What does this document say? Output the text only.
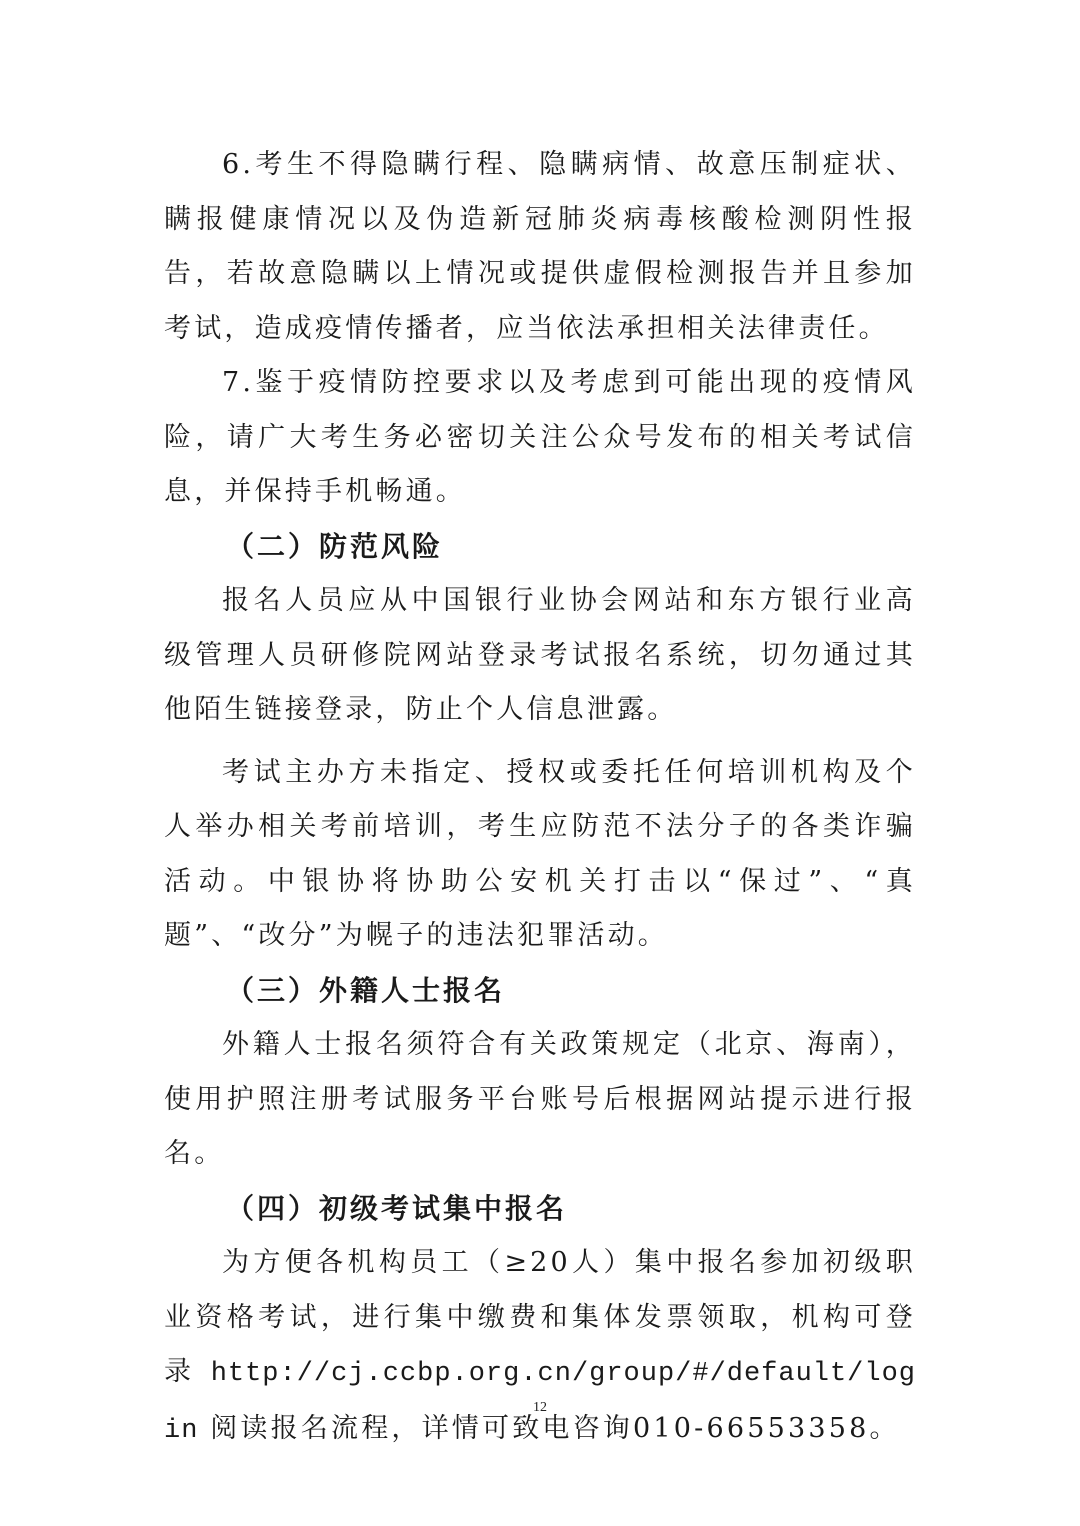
6.考生不得隐瞒行程、隐瞒病情、故意压制症状、瞒报健康情况以及伪造新冠肺炎病毒核酸检测阴性报告，若故意隐瞒以上情况或提供虚假检测报告并且参加考试，造成疫情传播者，应当依法承担相关法律责任。

7.鉴于疫情防控要求以及考虑到可能出现的疫情风险，请广大考生务必密切关注公众号发布的相关考试信息，并保持手机畅通。

（二）防范风险

报名人员应从中国银行业协会网站和东方银行业高级管理人员研修院网站登录考试报名系统，切勿通过其他陌生链接登录，防止个人信息泄露。

考试主办方未指定、授权或委托任何培训机构及个人举办相关考前培训，考生应防范不法分子的各类诈骗活动。中银协将协助公安机关打击以“保过”、“真题”、“改分”为幌子的违法犯罪活动。

（三）外籍人士报名

外籍人士报名须符合有关政策规定（北京、海南），使用护照注册考试服务平台账号后根据网站提示进行报名。

（四）初级考试集中报名

为方便各机构员工（≥20人）集中报名参加初级职业资格考试，进行集中缴费和集体发票领取，机构可登录http://cj.ccbp.org.cn/group/#/default/login 阅读报名流程，详情可致电咨询010-66553358。

12
